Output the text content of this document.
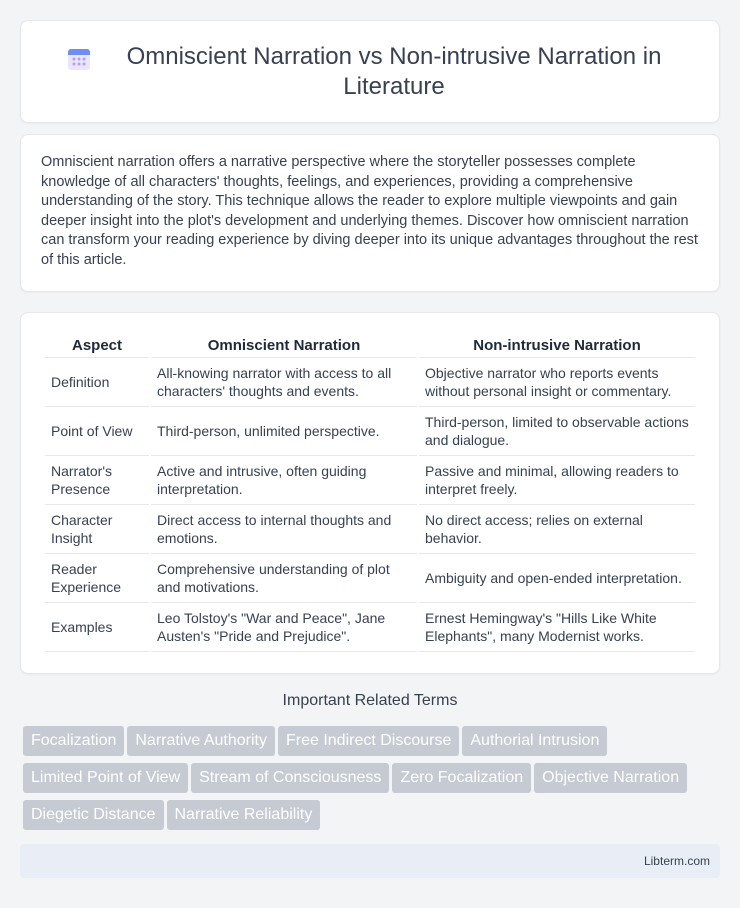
Omniscient Narration vs Non-intrusive Narration in Literature

Omniscient narration offers a narrative perspective where the storyteller possesses complete knowledge of all characters' thoughts, feelings, and experiences, providing a comprehensive understanding of the story. This technique allows the reader to explore multiple viewpoints and gain deeper insight into the plot's development and underlying themes. Discover how omniscient narration can transform your reading experience by diving deeper into its unique advantages throughout the rest of this article.

Aspect	Omniscient Narration	Non-intrusive Narration
Definition	All-knowing narrator with access to all characters' thoughts and events.	Objective narrator who reports events without personal insight or commentary.
Point of View	Third-person, unlimited perspective.	Third-person, limited to observable actions and dialogue.
Narrator's Presence	Active and intrusive, often guiding interpretation.	Passive and minimal, allowing readers to interpret freely.
Character Insight	Direct access to internal thoughts and emotions.	No direct access; relies on external behavior.
Reader Experience	Comprehensive understanding of plot and motivations.	Ambiguity and open-ended interpretation.
Examples	Leo Tolstoy's "War and Peace", Jane Austen's "Pride and Prejudice".	Ernest Hemingway's "Hills Like White Elephants", many Modernist works.
Important Related Terms
Focalization Narrative Authority Free Indirect Discourse Authorial Intrusion
Limited Point of View Stream of Consciousness Zero Focalization Objective Narration
Diegetic Distance Narrative Reliability
Libterm.com
